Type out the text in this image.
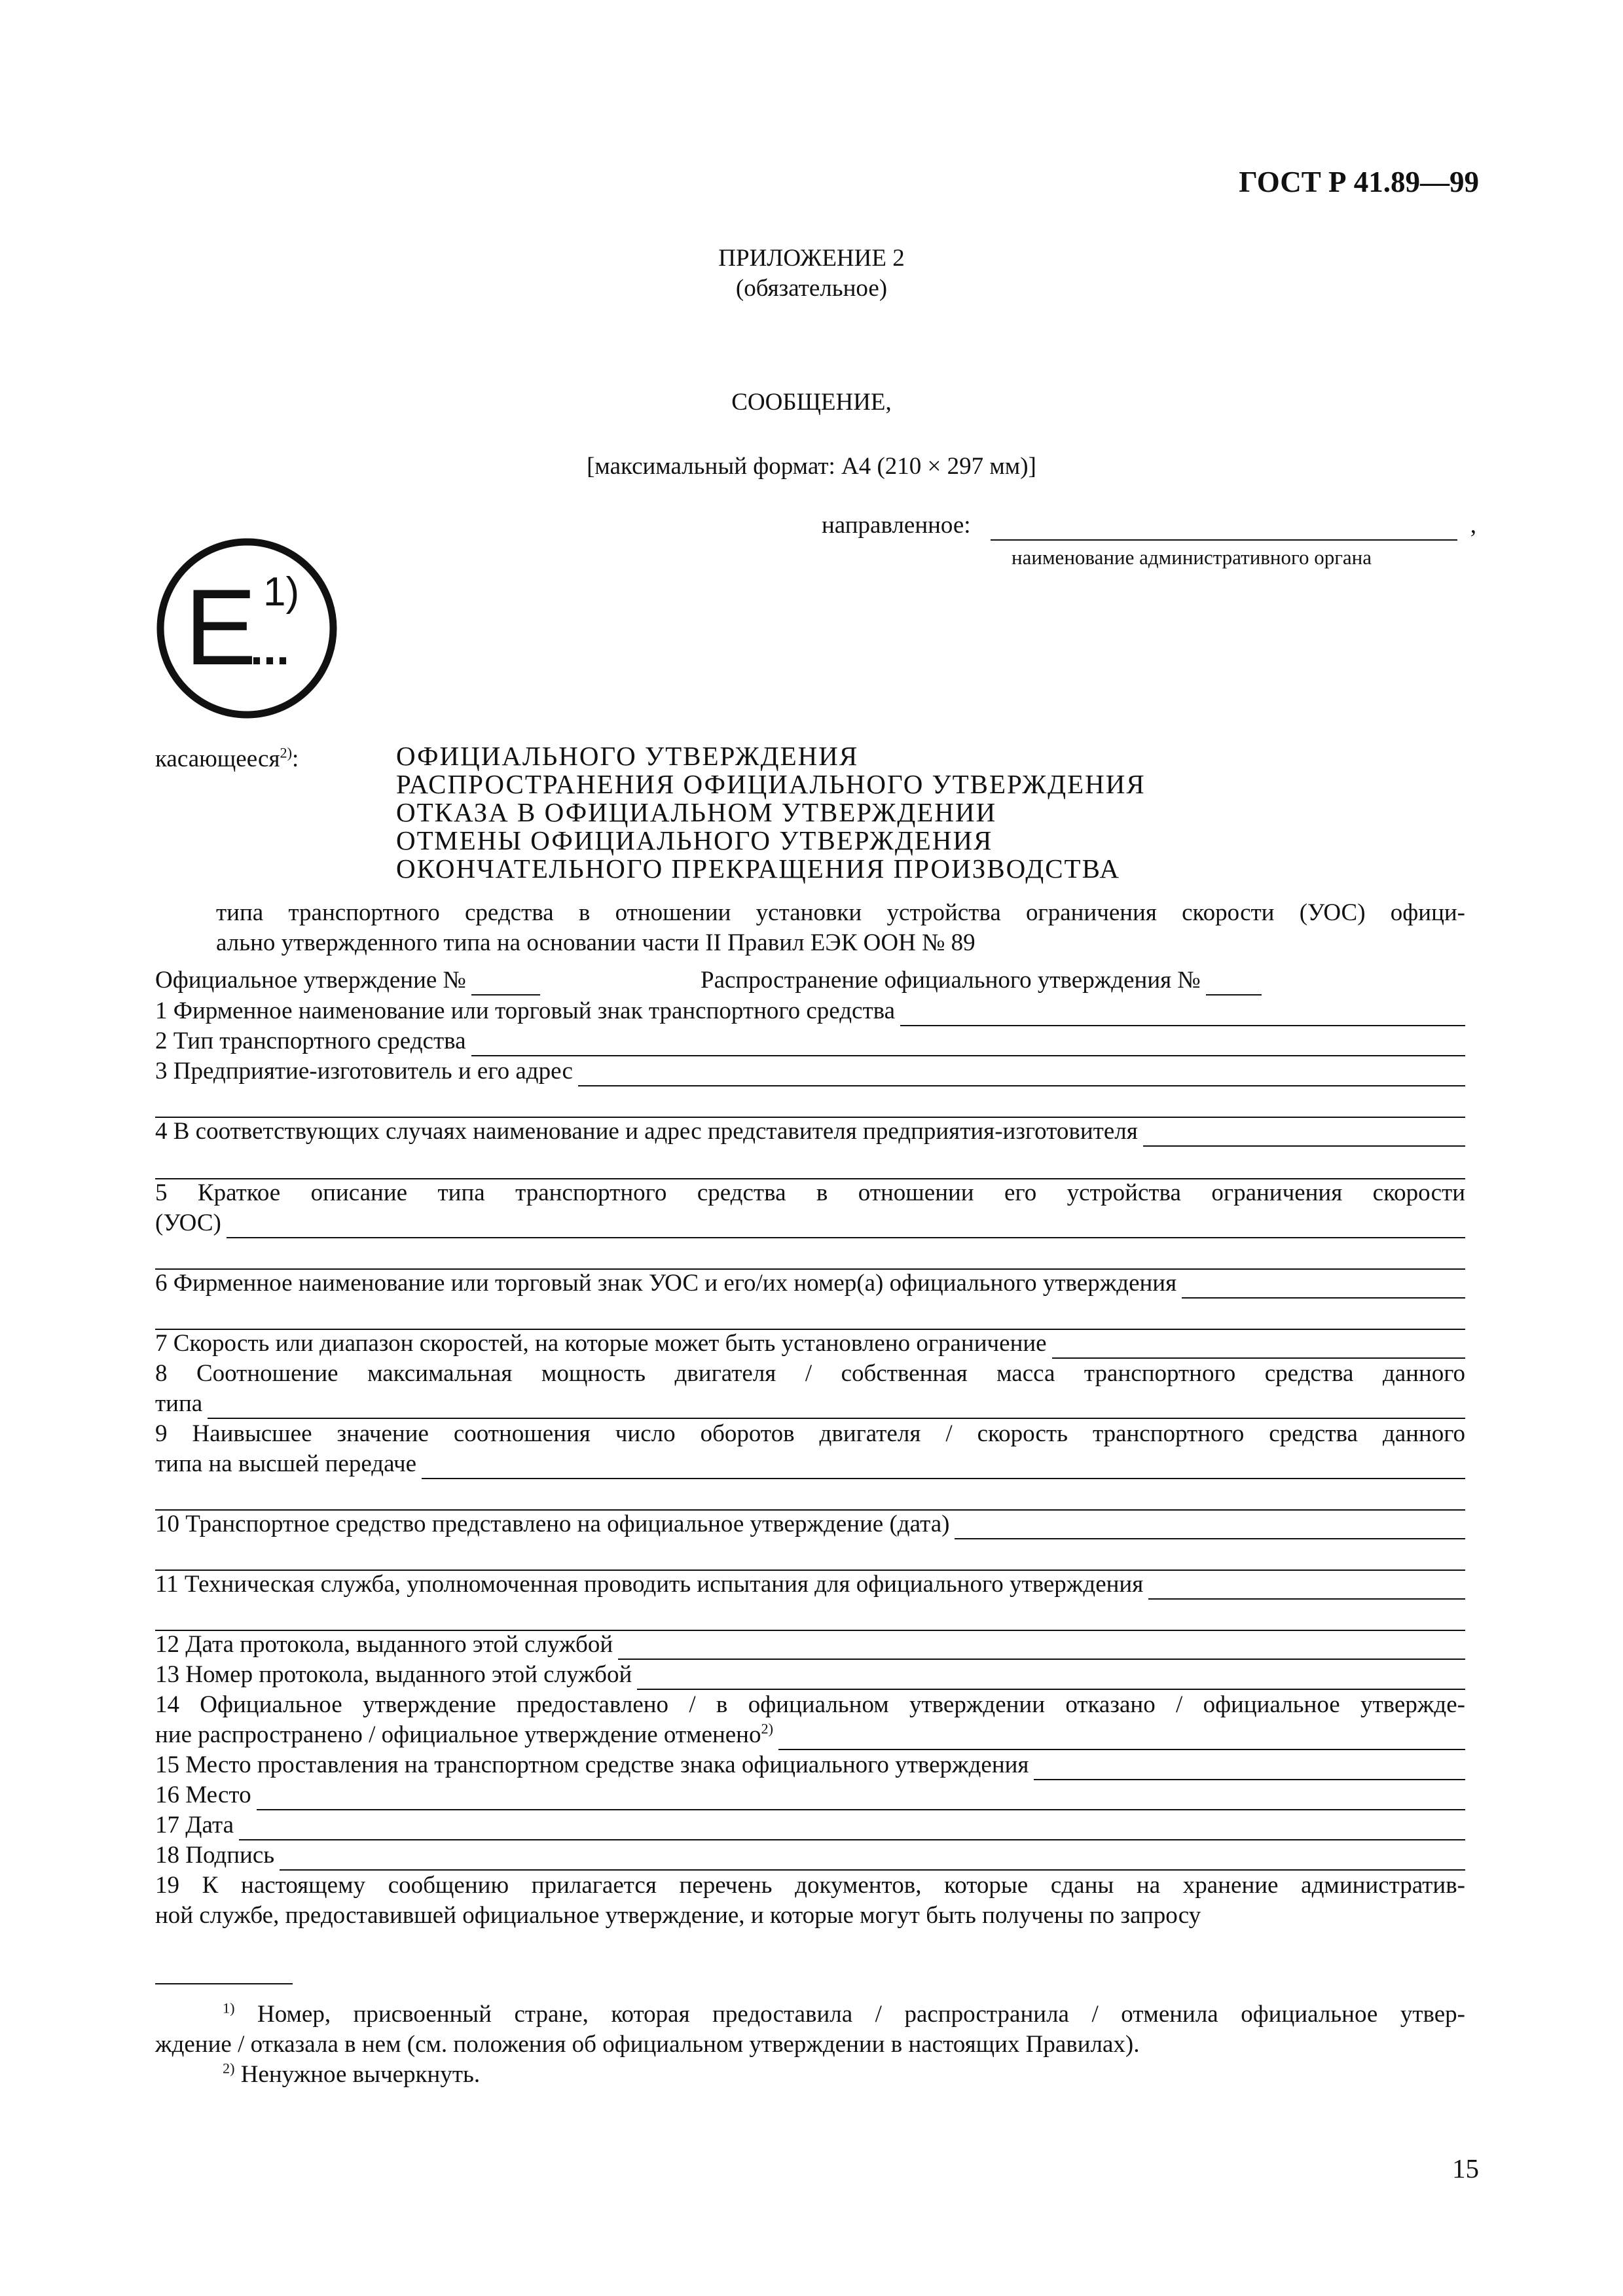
ГОСТ Р 41.89—99
ПРИЛОЖЕНИЕ 2
(обязательное)
СООБЩЕНИЕ,
[максимальный формат: А4 (210 × 297 мм)]
направленное:	,
наименование административного органа
E 1)
...
касающееся$^{2)}$:	ОФИЦИАЛЬНОГО УТВЕРЖДЕНИЯ
РАСПРОСТРАНЕНИЯ ОФИЦИАЛЬНОГО УТВЕРЖДЕНИЯ
ОТКАЗА В ОФИЦИАЛЬНОМ УТВЕРЖДЕНИИ
ОТМЕНЫ ОФИЦИАЛЬНОГО УТВЕРЖДЕНИЯ
ОКОНЧАТЕЛЬНОГО ПРЕКРАЩЕНИЯ ПРОИЗВОДСТВА
типа транспортного средства в отношении установки устройства ограничения скорости (УОС) офици-
ально утвержденного типа на основании части II Правил ЕЭК ООН № 89
Официальное утверждение №	Распространение официального утверждения №
1 Фирменное наименование или торговый знак транспортного средства
2 Тип транспортного средства
3 Предприятие-изготовитель и его адрес
4 В соответствующих случаях наименование и адрес представителя предприятия-изготовителя
5 Краткое описание типа транспортного средства в отношении его устройства ограничения скорости
(УОС)
6 Фирменное наименование или торговый знак УОС и его/их номер(а) официального утверждения
7 Скорость или диапазон скоростей, на которые может быть установлено ограничение
8 Соотношение максимальная мощность двигателя / собственная масса транспортного средства данного
типа
9 Наивысшее значение соотношения число оборотов двигателя / скорость транспортного средства данного
типа на высшей передаче
10 Транспортное средство представлено на официальное утверждение (дата)
11 Техническая служба, уполномоченная проводить испытания для официального утверждения
12 Дата протокола, выданного этой службой
13 Номер протокола, выданного этой службой
14 Официальное утверждение предоставлено / в официальном утверждении отказано / официальное утвержде-
ние распространено / официальное утверждение отменено$^{2)}$
15 Место проставления на транспортном средстве знака официального утверждения
16 Место
17 Дата
18 Подпись
19 К настоящему сообщению прилагается перечень документов, которые сданы на хранение административ-
ной службе, предоставившей официальное утверждение, и которые могут быть получены по запросу
$^{1)}$ Номер, присвоенный стране, которая предоставила / распространила / отменила официальное утвер-
ждение / отказала в нем (см. положения об официальном утверждении в настоящих Правилах).
$^{2)}$ Ненужное вычеркнуть.
15
